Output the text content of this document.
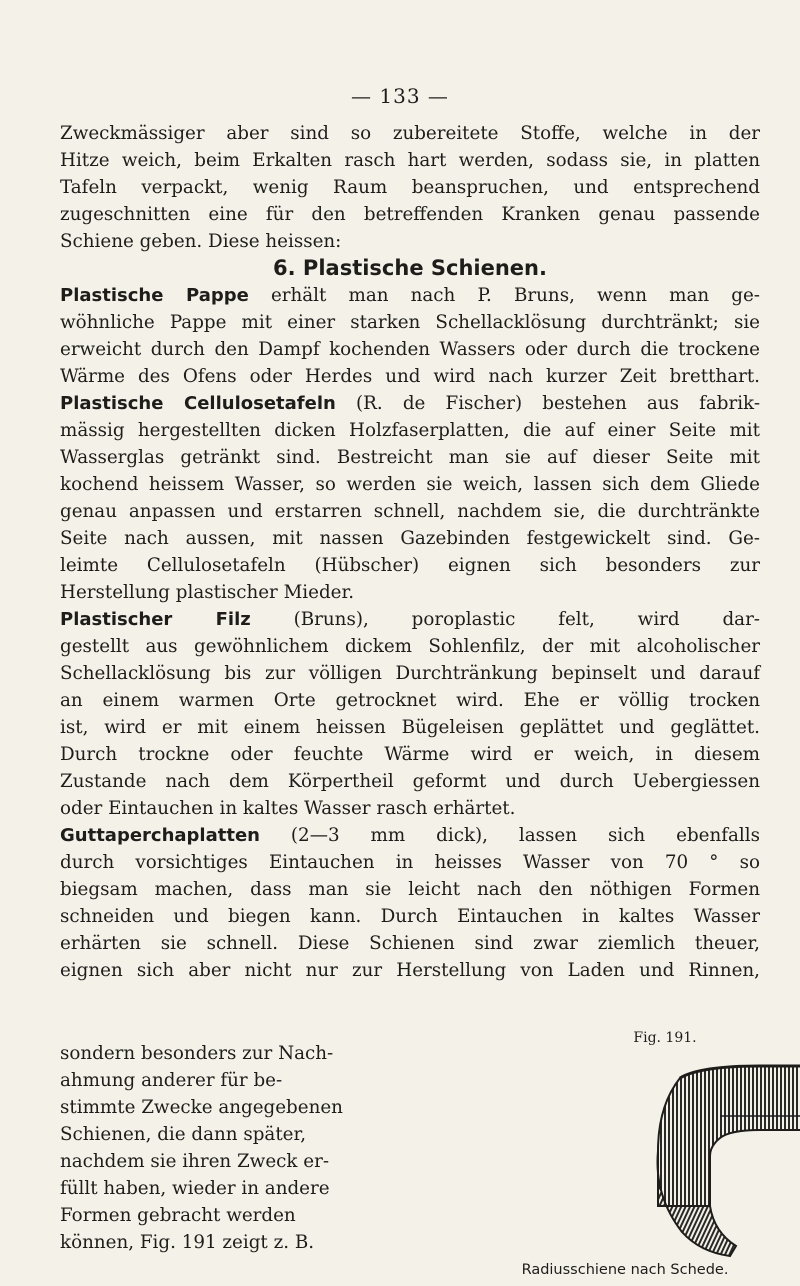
— 133 —
Zweckmässiger aber sind so zubereitete Stoffe, welche in der
Hitze weich, beim Erkalten rasch hart werden, sodass sie, in platten
Tafeln verpackt, wenig Raum beanspruchen, und entsprechend
zugeschnitten eine für den betreffenden Kranken genau passende
Schiene geben. Diese heissen:
6. Plastische Schienen.
Plastische Pappe erhält man nach P. Bruns, wenn man ge-
wöhnliche Pappe mit einer starken Schellacklösung durchtränkt; sie
erweicht durch den Dampf kochenden Wassers oder durch die trockene
Wärme des Ofens oder Herdes und wird nach kurzer Zeit bretthart.
Plastische Cellulosetafeln (R. de Fischer) bestehen aus fabrik-
mässig hergestellten dicken Holzfaserplatten, die auf einer Seite mit
Wasserglas getränkt sind. Bestreicht man sie auf dieser Seite mit
kochend heissem Wasser, so werden sie weich, lassen sich dem Gliede
genau anpassen und erstarren schnell, nachdem sie, die durchtränkte
Seite nach aussen, mit nassen Gazebinden festgewickelt sind. Ge-
leimte Cellulosetafeln (Hübscher) eignen sich besonders zur
Herstellung plastischer Mieder.
Plastischer Filz (Bruns), poroplastic felt, wird dar-
gestellt aus gewöhnlichem dickem Sohlenfilz, der mit alcoholischer
Schellacklösung bis zur völligen Durchtränkung bepinselt und darauf
an einem warmen Orte getrocknet wird. Ehe er völlig trocken
ist, wird er mit einem heissen Bügeleisen geplättet und geglättet.
Durch trockne oder feuchte Wärme wird er weich, in diesem
Zustande nach dem Körpertheil geformt und durch Uebergiessen
oder Eintauchen in kaltes Wasser rasch erhärtet.
Guttaperchaplatten (2—3 mm dick), lassen sich ebenfalls
durch vorsichtiges Eintauchen in heisses Wasser von 70 ° so
biegsam machen, dass man sie leicht nach den nöthigen Formen
schneiden und biegen kann. Durch Eintauchen in kaltes Wasser
erhärten sie schnell. Diese Schienen sind zwar ziemlich theuer,
eignen sich aber nicht nur zur Herstellung von Laden und Rinnen,
sondern besonders zur Nach-
ahmung anderer für be-
stimmte Zwecke angegebenen
Schienen, die dann später,
nachdem sie ihren Zweck er-
füllt haben, wieder in andere
Formen gebracht werden
können, Fig. 191 zeigt z. B.
Fig. 191.
Radiusschiene nach Schede.
